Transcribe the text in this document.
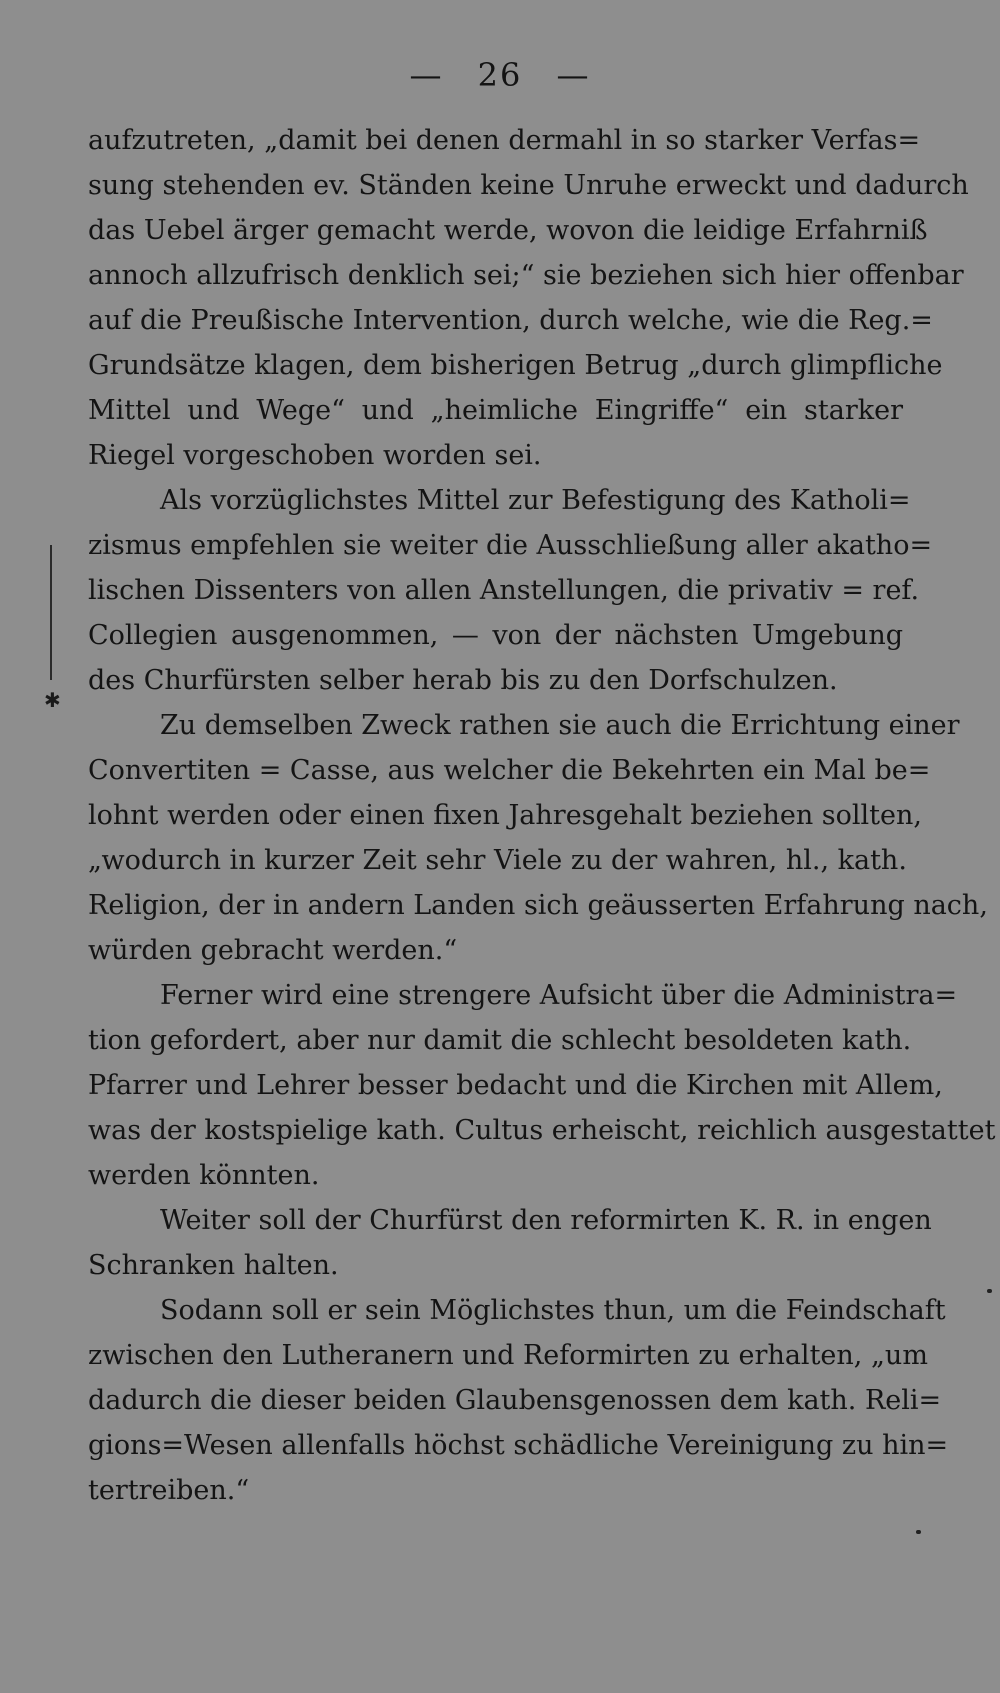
— 26 —
✱
aufzutreten, „damit bei denen dermahl in so starker Verfas=
sung stehenden ev. Ständen keine Unruhe erweckt und dadurch
das Uebel ärger gemacht werde, wovon die leidige Erfahrniß
annoch allzufrisch denklich sei;“ sie beziehen sich hier offenbar
auf die Preußische Intervention, durch welche, wie die Reg.=
Grundsätze klagen, dem bisherigen Betrug „durch glimpfliche
Mittel und Wege“ und „heimliche Eingriffe“ ein starker
Riegel vorgeschoben worden sei.
Als vorzüglichstes Mittel zur Befestigung des Katholi=
zismus empfehlen sie weiter die Ausschließung aller akatho=
lischen Dissenters von allen Anstellungen, die privativ = ref.
Collegien ausgenommen, — von der nächsten Umgebung
des Churfürsten selber herab bis zu den Dorfschulzen.
Zu demselben Zweck rathen sie auch die Errichtung einer
Convertiten = Casse, aus welcher die Bekehrten ein Mal be=
lohnt werden oder einen fixen Jahresgehalt beziehen sollten,
„wodurch in kurzer Zeit sehr Viele zu der wahren, hl., kath.
Religion, der in andern Landen sich geäusserten Erfahrung nach,
würden gebracht werden.“
Ferner wird eine strengere Aufsicht über die Administra=
tion gefordert, aber nur damit die schlecht besoldeten kath.
Pfarrer und Lehrer besser bedacht und die Kirchen mit Allem,
was der kostspielige kath. Cultus erheischt, reichlich ausgestattet
werden könnten.
Weiter soll der Churfürst den reformirten K. R. in engen
Schranken halten.
Sodann soll er sein Möglichstes thun, um die Feindschaft
zwischen den Lutheranern und Reformirten zu erhalten, „um
dadurch die dieser beiden Glaubensgenossen dem kath. Reli=
gions=Wesen allenfalls höchst schädliche Vereinigung zu hin=
tertreiben.“
